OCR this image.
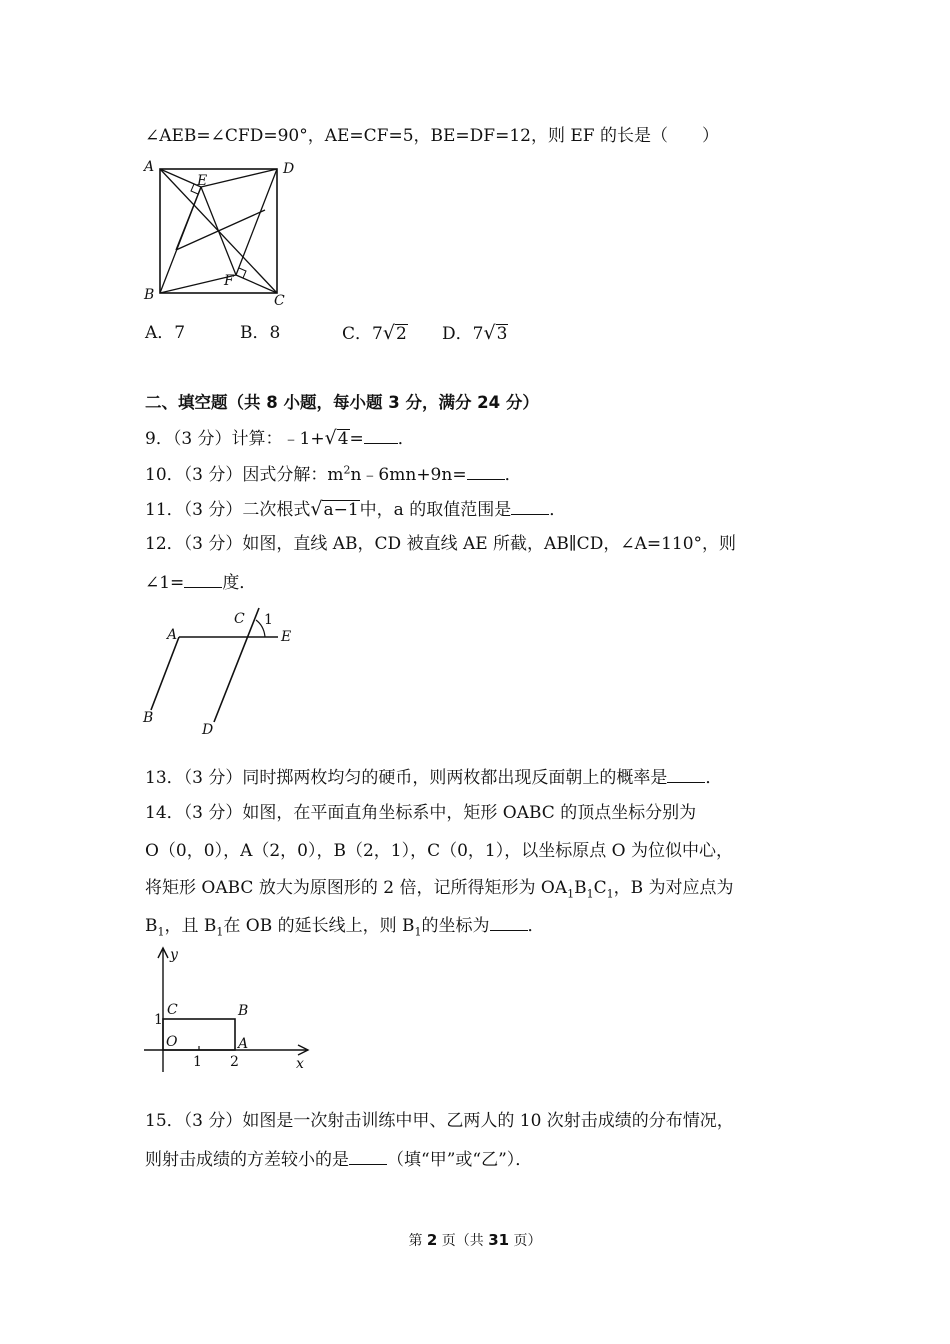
∠AEB=∠CFD=90°，AE=CF=5，BE=DF=12，则 EF 的长是（　　）
A	D
E
F
B	C
A．7	B．8	C．7√2 D．7√3
二、填空题（共 8 小题，每小题 3 分，满分 24 分）
9．（3 分）计算：﹣1+√4= ．
10．（3 分）因式分解：$m^2n﹣6mn+9n=$ ．
11．（3 分）二次根式√a−1中，a 的取值范围是 ．
12．（3 分）如图，直线 AB，CD 被直线 AE 所截，AB∥CD，∠A=110°，则
∠1= 度．
A
C 1
E
B
D
13．（3 分）同时掷两枚均匀的硬币，则两枚都出现反面朝上的概率是 ．
14．（3 分）如图，在平面直角坐标系中，矩形 OABC 的顶点坐标分别为
O（0，0），A（2，0），B（2，1），C（0，1），以坐标原点 O 为位似中心，
将矩形 OABC 放大为原图形的 2 倍，记所得矩形为 $OA_1B_1C_1$，B 为对应点为
$B_1$，且 $B_1$在 OB 的延长线上，则 $B_1$的坐标为 ．
y
C	B
1
O	A
1 2	x
15．（3 分）如图是一次射击训练中甲、乙两人的 10 次射击成绩的分布情况，
则射击成绩的方差较小的是 （填“甲”或“乙”）．
第 2 页（共 31 页）
